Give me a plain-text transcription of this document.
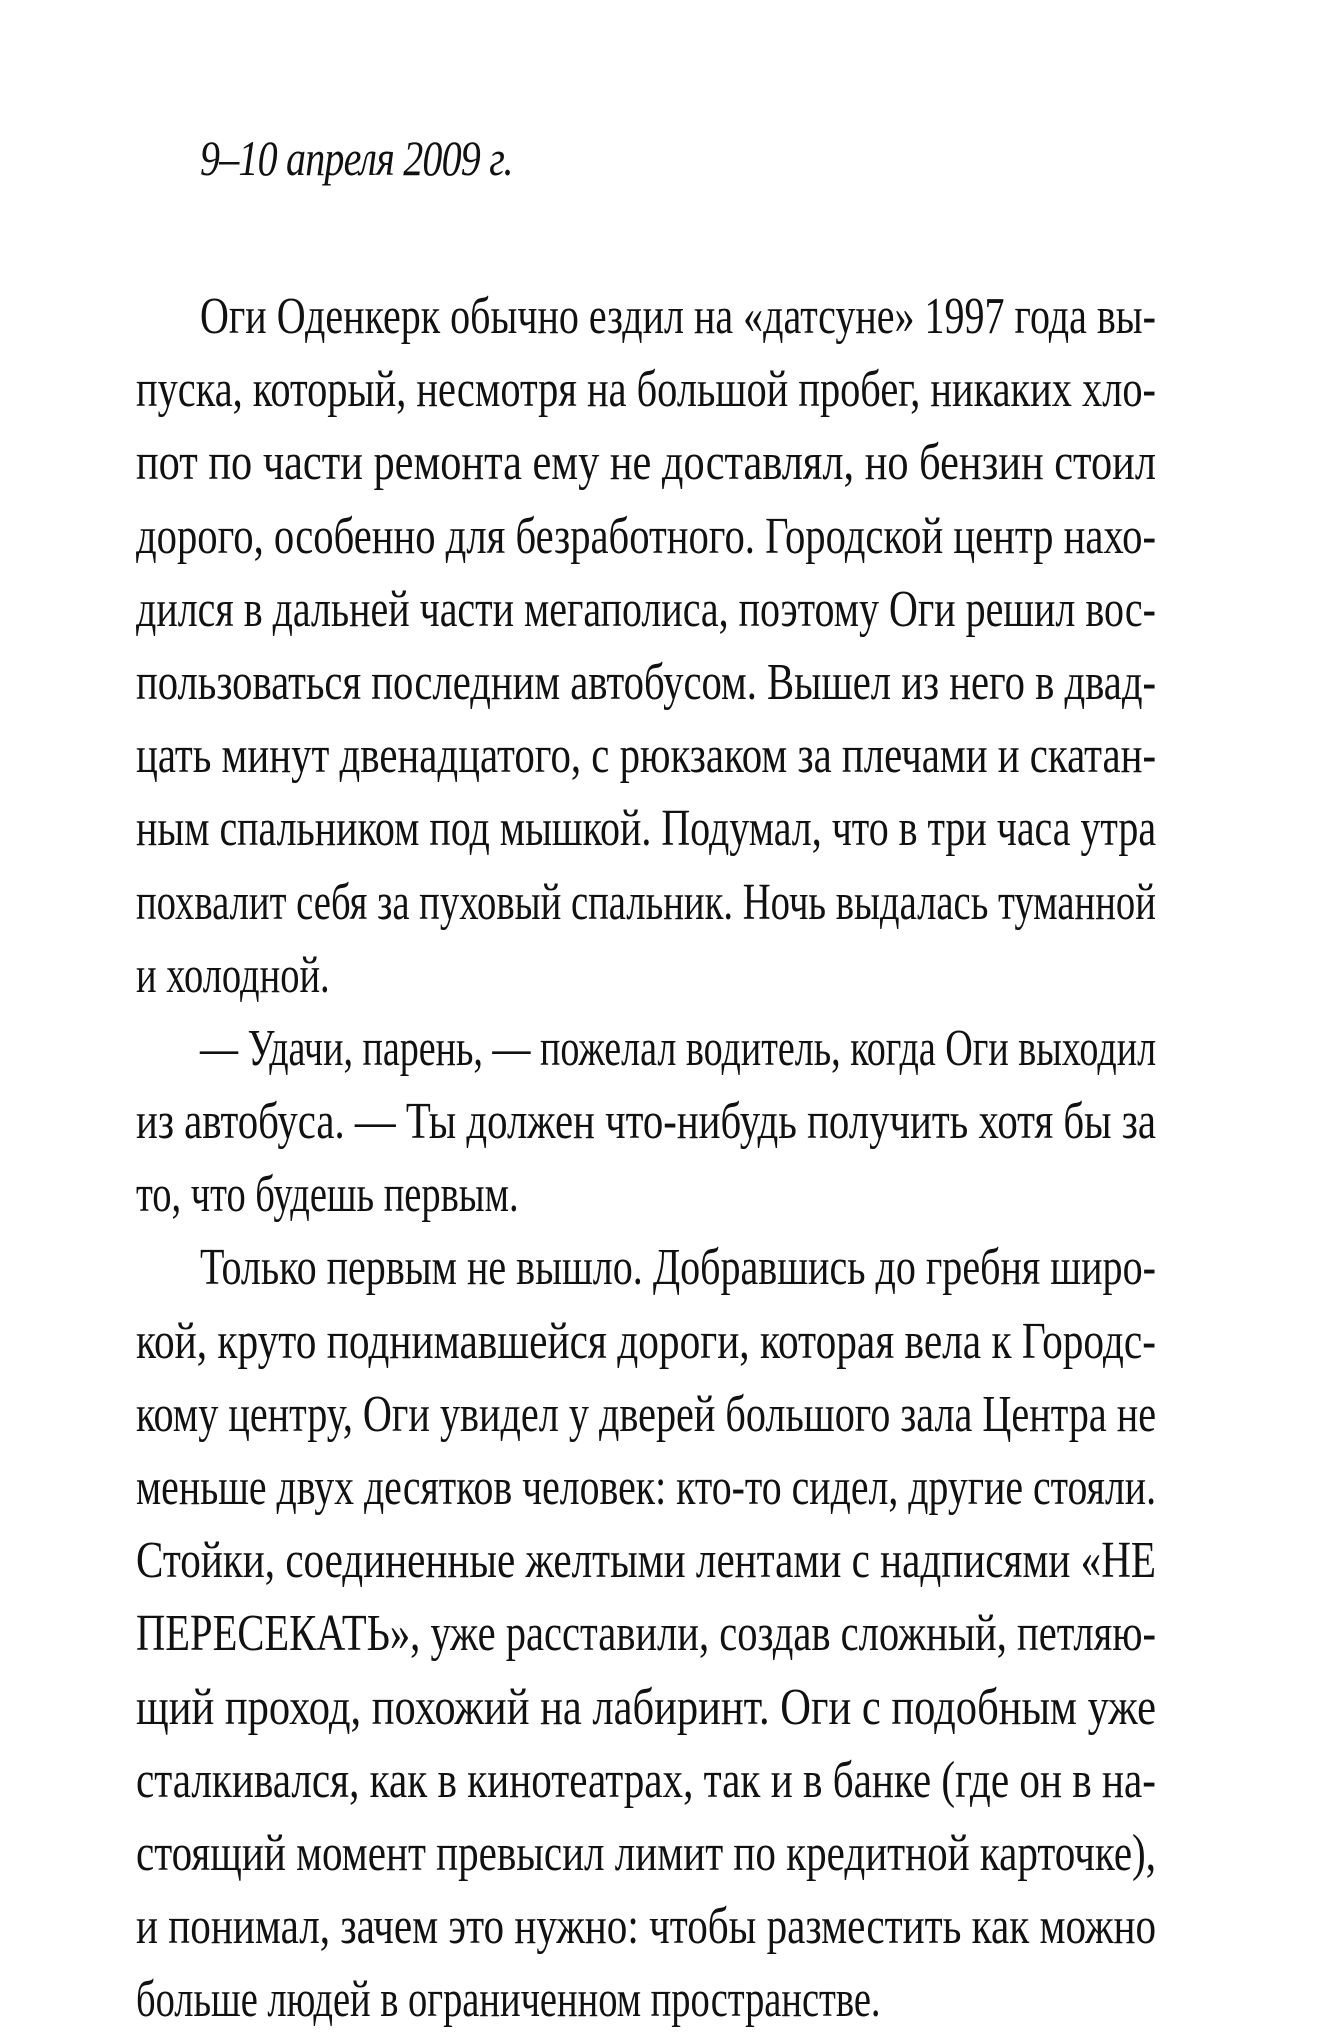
9–10 апреля 2009 г.
Оги Оденкерк обычно ездил на «датсуне» 1997 года вы-
пуска, который, несмотря на большой пробег, никаких хло-
пот по части ремонта ему не доставлял, но бензин стоил
дорого, особенно для безработного. Городской центр нахо-
дился в дальней части мегаполиса, поэтому Оги решил вос-
пользоваться последним автобусом. Вышел из него в двад-
цать минут двенадцатого, с рюкзаком за плечами и скатан-
ным спальником под мышкой. Подумал, что в три часа утра
похвалит себя за пуховый спальник. Ночь выдалась туманной
и холодной.
— Удачи, парень, — пожелал водитель, когда Оги выходил
из автобуса. — Ты должен что-нибудь получить хотя бы за
то, что будешь первым.
Только первым не вышло. Добравшись до гребня широ-
кой, круто поднимавшейся дороги, которая вела к Городс-
кому центру, Оги увидел у дверей большого зала Центра не
меньше двух десятков человек: кто-то сидел, другие стояли.
Стойки, соединенные желтыми лентами с надписями «НЕ
ПЕРЕСЕКАТЬ», уже расставили, создав сложный, петляю-
щий проход, похожий на лабиринт. Оги с подобным уже
сталкивался, как в кинотеатрах, так и в банке (где он в на-
стоящий момент превысил лимит по кредитной карточке),
и понимал, зачем это нужно: чтобы разместить как можно
больше людей в ограниченном пространстве.
